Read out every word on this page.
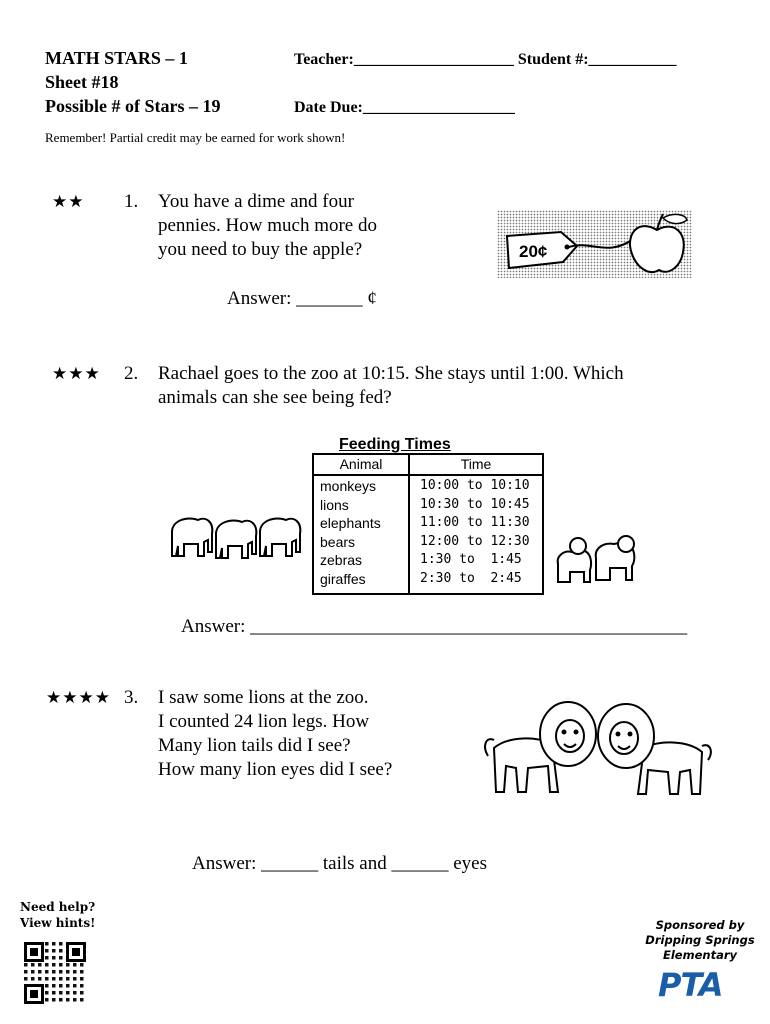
MATH STARS – 1
Sheet #18
Possible # of Stars – 19
Teacher:____________________ Student #:___________
Date Due:___________________
Remember! Partial credit may be earned for work shown!
★★ 1. You have a dime and four
pennies. How much more do
you need to buy the apple?
Answer: _______ ¢
20¢
★★★ 2. Rachael goes to the zoo at 10:15. She stays until 1:00. Which
animals can she see being fed?
Feeding Times
Animal	Time
monkeys	10:00 to 10:10
lions	10:30 to 10:45
elephants	11:00 to 11:30
bears	12:00 to 12:30
zebras	1:30 to  1:45
giraffes	2:30 to  2:45
Answer: ______________________________________________
★★★★ 3. I saw some lions at the zoo.
I counted 24 lion legs. How
Many lion tails did I see?
How many lion eyes did I see?
Answer: ______ tails and ______ eyes
Need help?
View hints!	Sponsored by
Dripping Springs
Elementary
PTA
